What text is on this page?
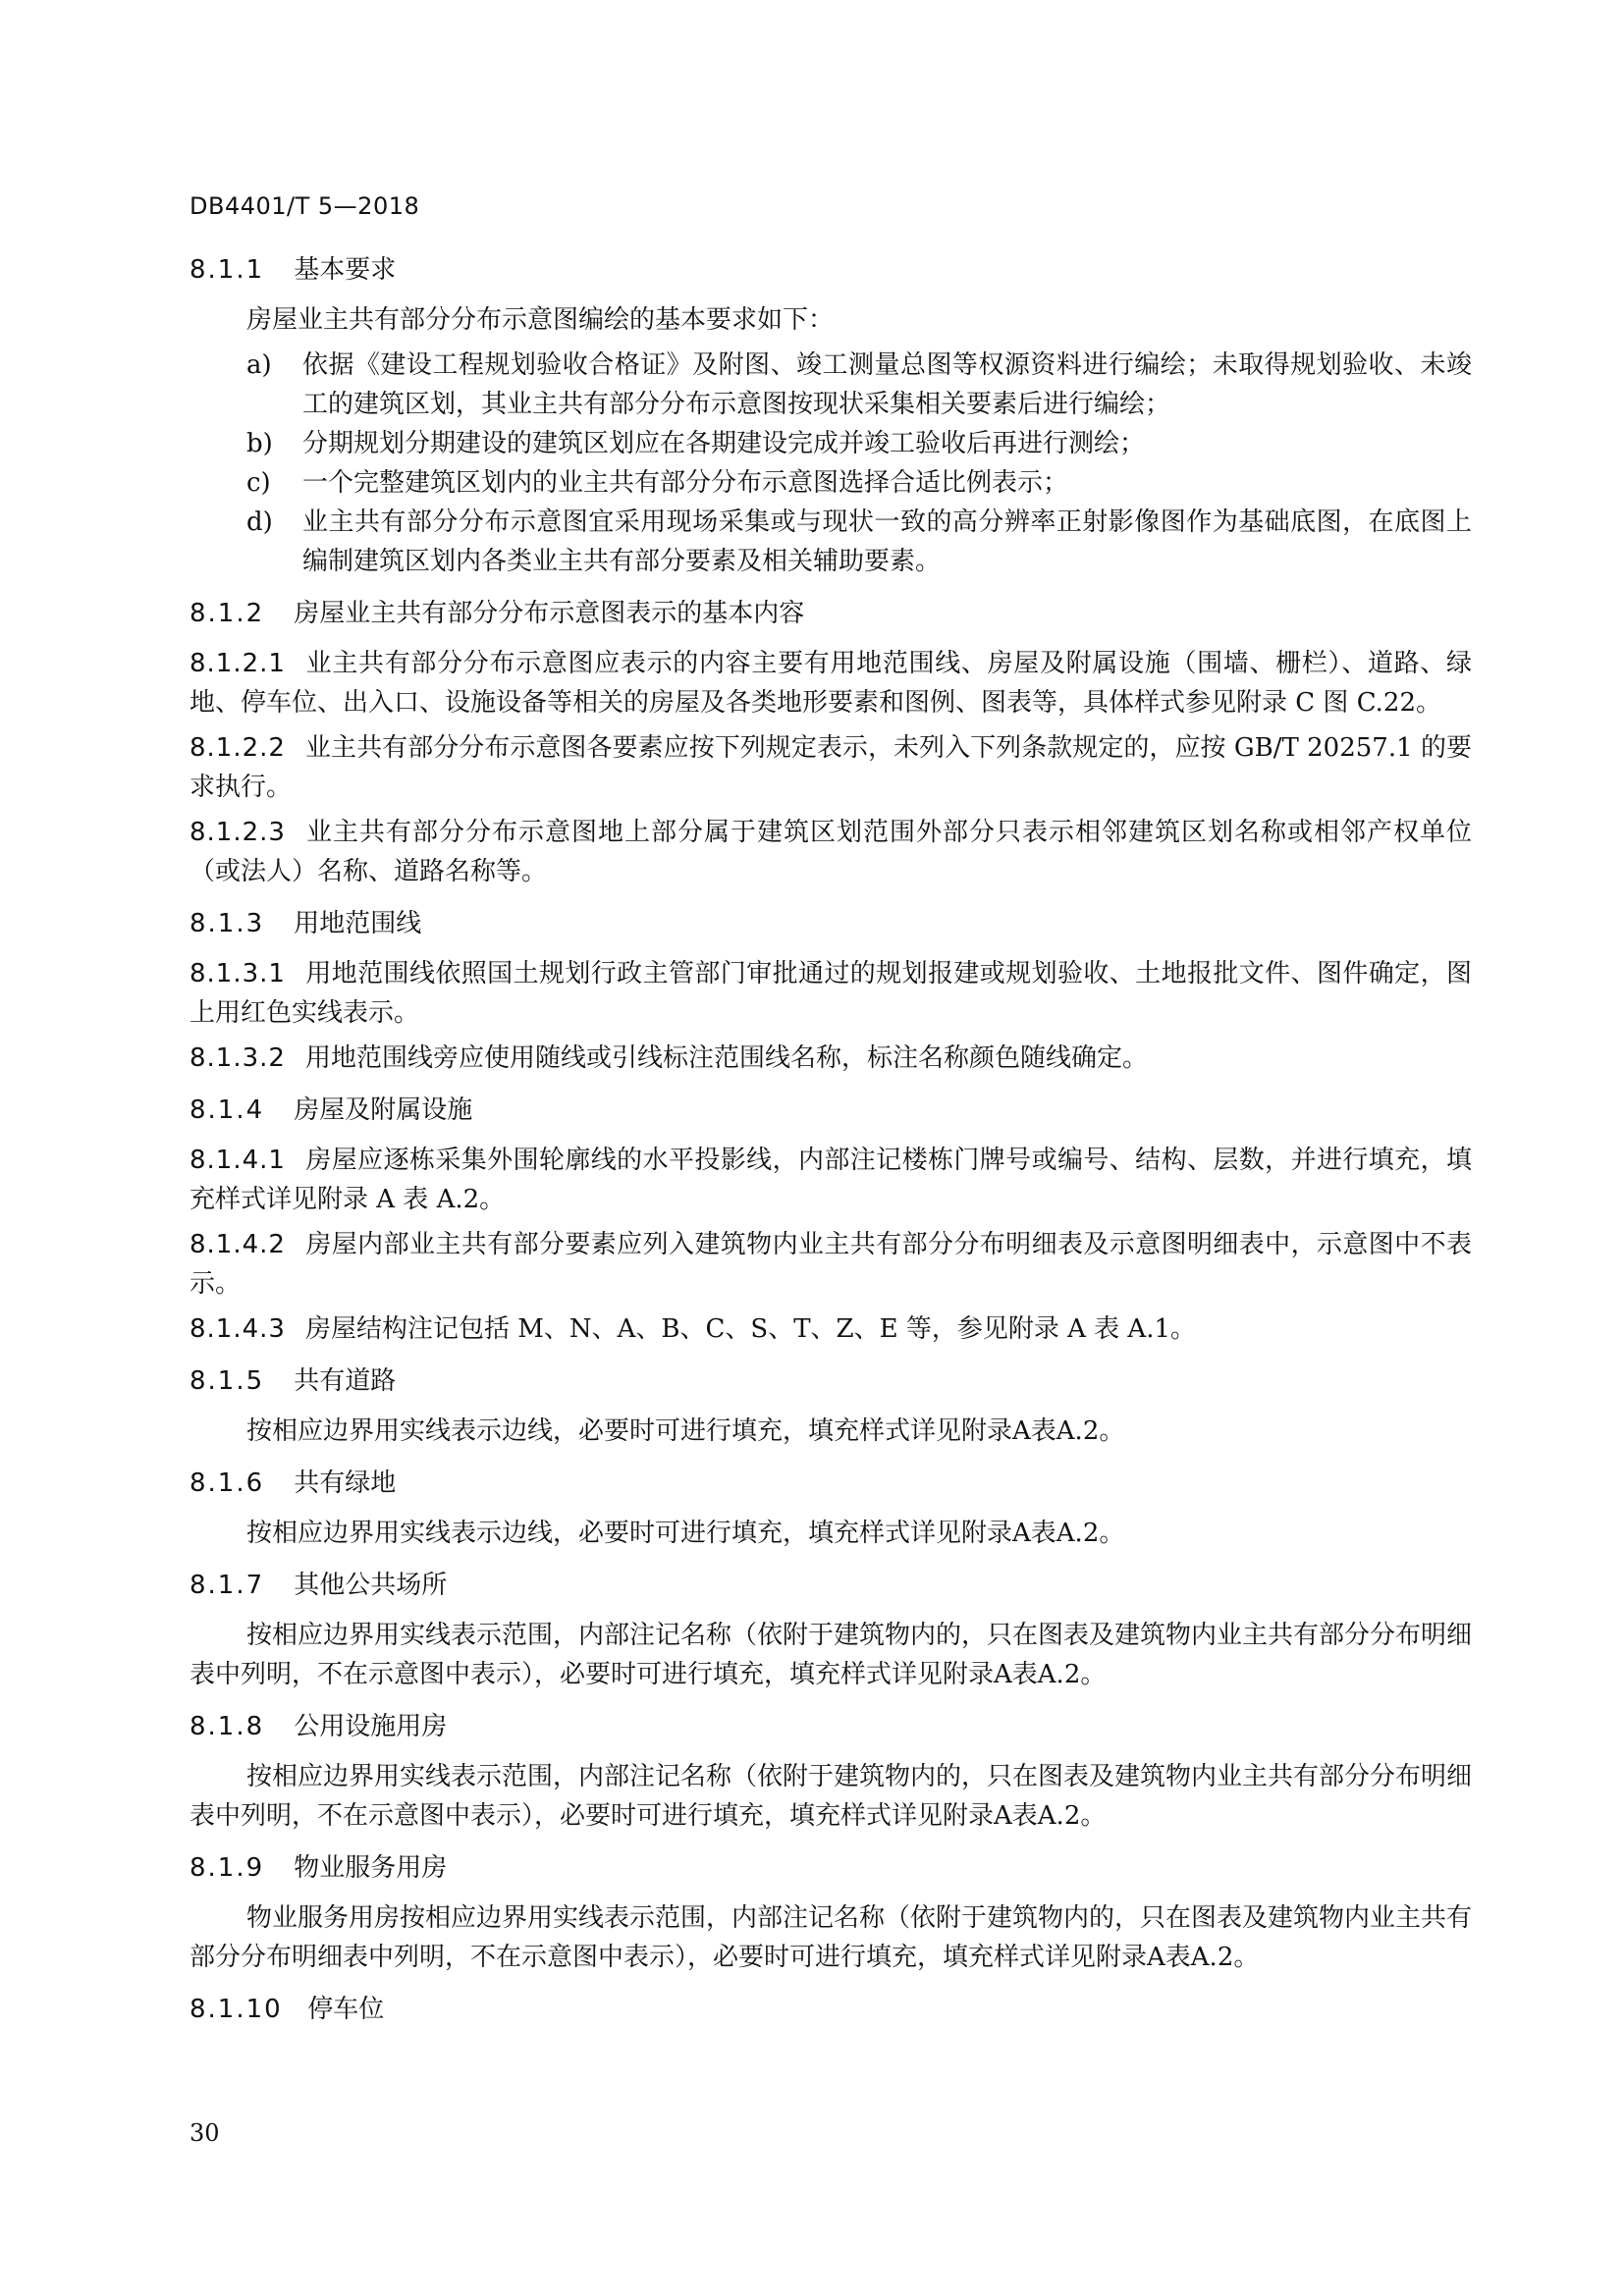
DB4401/T 5—2018
8.1.1 基本要求

房屋业主共有部分分布示意图编绘的基本要求如下：

a) 依据《建设工程规划验收合格证》及附图、竣工测量总图等权源资料进行编绘；未取得规划验收、未竣工的建筑区划，其业主共有部分分布示意图按现状采集相关要素后进行编绘；
b) 分期规划分期建设的建筑区划应在各期建设完成并竣工验收后再进行测绘；
c) 一个完整建筑区划内的业主共有部分分布示意图选择合适比例表示；
d) 业主共有部分分布示意图宜采用现场采集或与现状一致的高分辨率正射影像图作为基础底图，在底图上编制建筑区划内各类业主共有部分要素及相关辅助要素。
8.1.2 房屋业主共有部分分布示意图表示的基本内容

8.1.2.1 业主共有部分分布示意图应表示的内容主要有用地范围线、房屋及附属设施（围墙、栅栏）、道路、绿地、停车位、出入口、设施设备等相关的房屋及各类地形要素和图例、图表等，具体样式参见附录 C 图 C.22。

8.1.2.2 业主共有部分分布示意图各要素应按下列规定表示，未列入下列条款规定的，应按 GB/T 20257.1 的要求执行。

8.1.2.3 业主共有部分分布示意图地上部分属于建筑区划范围外部分只表示相邻建筑区划名称或相邻产权单位（或法人）名称、道路名称等。

8.1.3 用地范围线

8.1.3.1 用地范围线依照国土规划行政主管部门审批通过的规划报建或规划验收、土地报批文件、图件确定，图上用红色实线表示。

8.1.3.2 用地范围线旁应使用随线或引线标注范围线名称，标注名称颜色随线确定。

8.1.4 房屋及附属设施

8.1.4.1 房屋应逐栋采集外围轮廓线的水平投影线，内部注记楼栋门牌号或编号、结构、层数，并进行填充，填充样式详见附录 A 表 A.2。

8.1.4.2 房屋内部业主共有部分要素应列入建筑物内业主共有部分分布明细表及示意图明细表中，示意图中不表示。

8.1.4.3 房屋结构注记包括 M、N、A、B、C、S、T、Z、E 等，参见附录 A 表 A.1。

8.1.5 共有道路

按相应边界用实线表示边线，必要时可进行填充，填充样式详见附录A表A.2。

8.1.6 共有绿地

按相应边界用实线表示边线，必要时可进行填充，填充样式详见附录A表A.2。

8.1.7 其他公共场所

按相应边界用实线表示范围，内部注记名称（依附于建筑物内的，只在图表及建筑物内业主共有部分分布明细表中列明，不在示意图中表示），必要时可进行填充，填充样式详见附录A表A.2。

8.1.8 公用设施用房

按相应边界用实线表示范围，内部注记名称（依附于建筑物内的，只在图表及建筑物内业主共有部分分布明细表中列明，不在示意图中表示），必要时可进行填充，填充样式详见附录A表A.2。

8.1.9 物业服务用房

物业服务用房按相应边界用实线表示范围，内部注记名称（依附于建筑物内的，只在图表及建筑物内业主共有部分分布明细表中列明，不在示意图中表示），必要时可进行填充，填充样式详见附录A表A.2。

8.1.10 停车位
30
